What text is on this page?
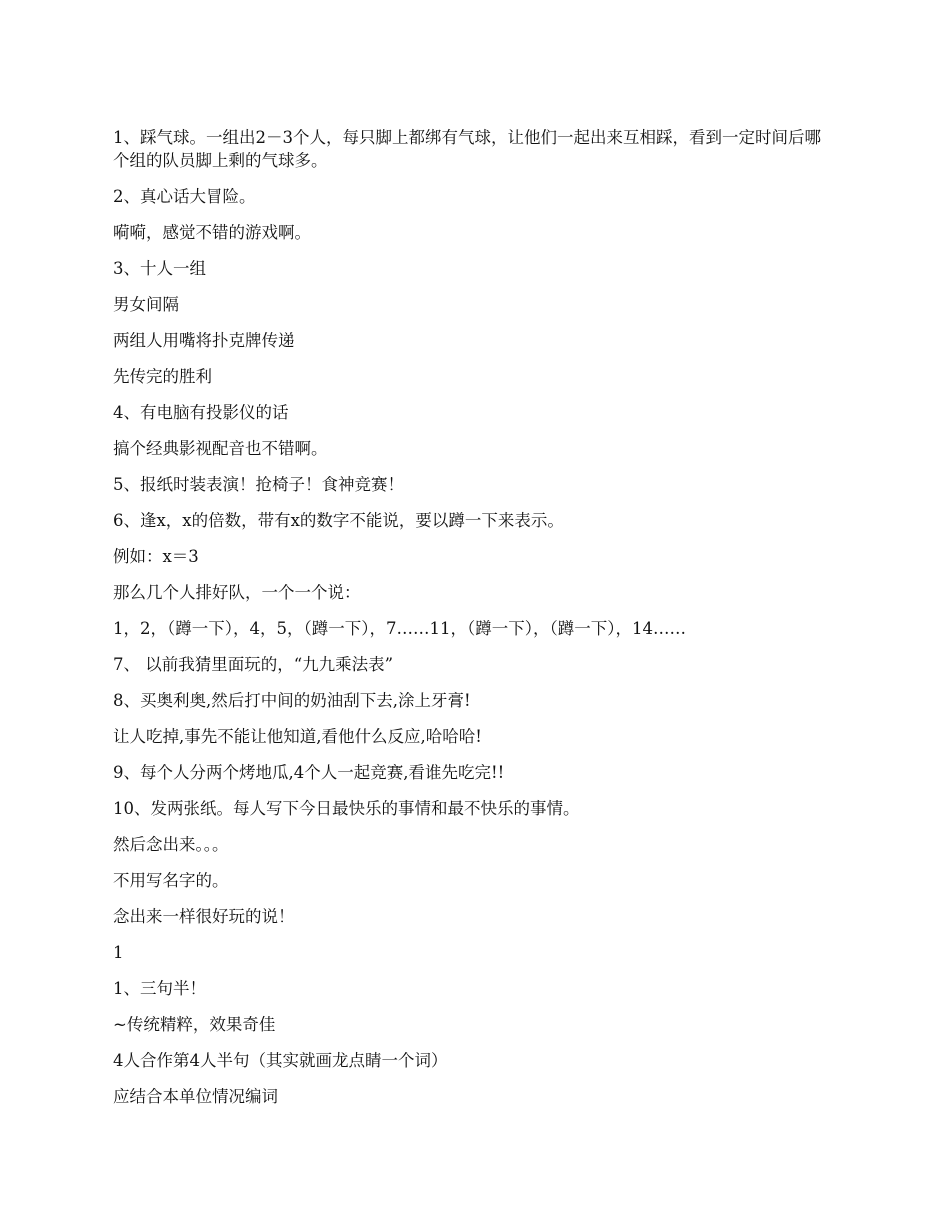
1、踩气球。一组出2－3个人，每只脚上都绑有气球，让他们一起出来互相踩，看到一定时间后哪个组的队员脚上剩的气球多。

2、真心话大冒险。

嗬嗬，感觉不错的游戏啊。

3、十人一组

男女间隔

两组人用嘴将扑克牌传递

先传完的胜利

4、有电脑有投影仪的话

搞个经典影视配音也不错啊。

5、报纸时装表演！抢椅子！食神竞赛！

6、逢x，x的倍数，带有x的数字不能说，要以蹲一下来表示。

例如：x＝3

那么几个人排好队，一个一个说：

1，2，（蹲一下），4，5，（蹲一下），7……11，（蹲一下），（蹲一下），14……

7、 以前我猜里面玩的，“九九乘法表”

8、买奥利奥,然后打中间的奶油刮下去,涂上牙膏!

让人吃掉,事先不能让他知道,看他什么反应,哈哈哈!

9、每个人分两个烤地瓜,4个人一起竞赛,看谁先吃完!!

10、发两张纸。每人写下今日最快乐的事情和最不快乐的事情。

然后念出来。。。

不用写名字的。

念出来一样很好玩的说！

1

1、三句半！

~传统精粹，效果奇佳

4人合作第4人半句（其实就画龙点睛一个词）

应结合本单位情况编词
